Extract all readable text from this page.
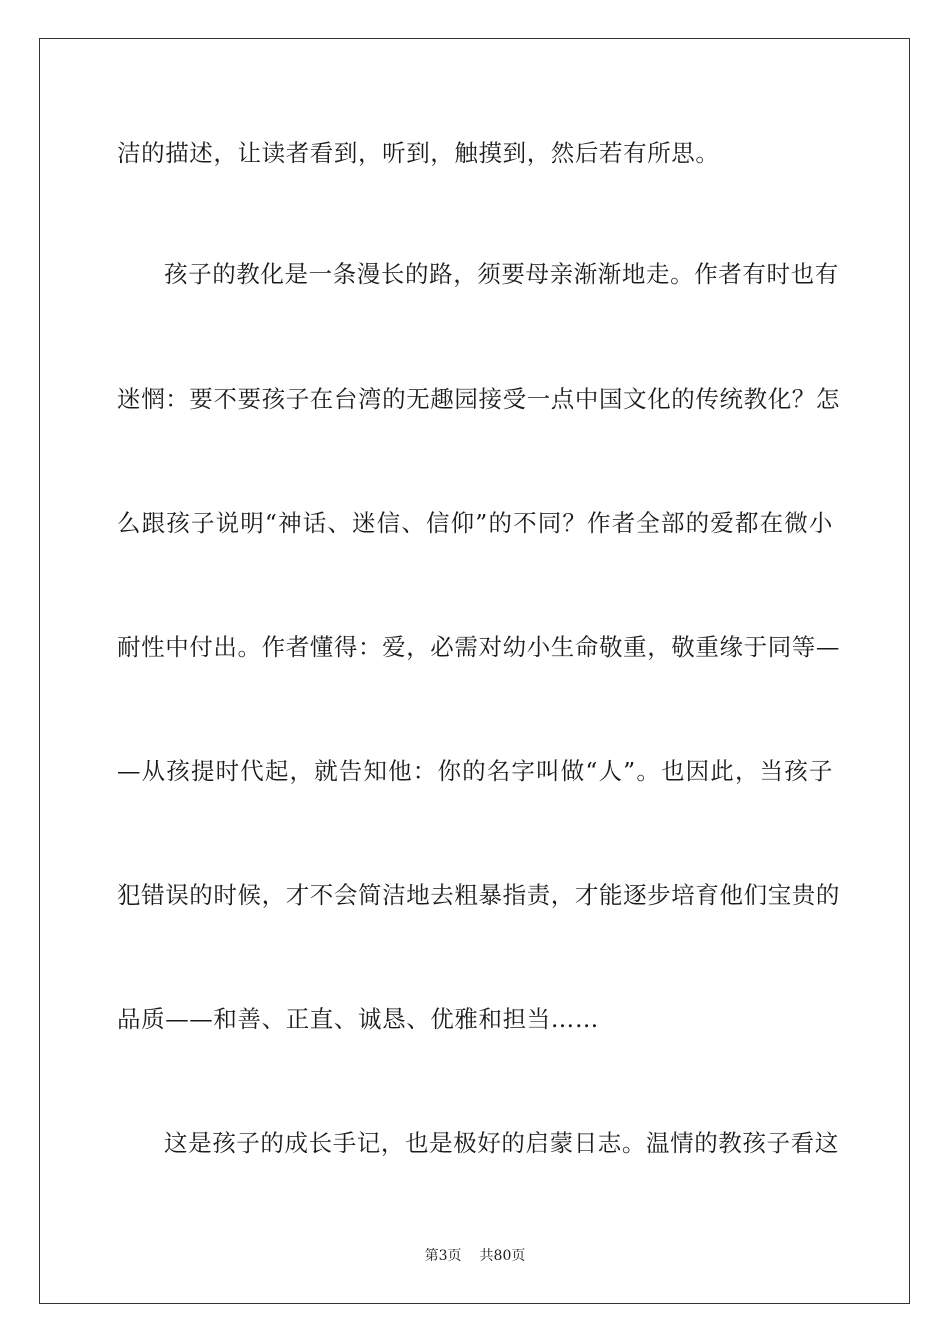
洁的描述，让读者看到，听到，触摸到，然后若有所思。
孩子的教化是一条漫长的路，须要母亲渐渐地走。作者有时也有
迷惘：要不要孩子在台湾的无趣园接受一点中国文化的传统教化？怎
么跟孩子说明“神话、迷信、信仰”的不同？作者全部的爱都在微小
耐性中付出。作者懂得：爱，必需对幼小生命敬重，敬重缘于同等—
—从孩提时代起，就告知他：你的名字叫做“人”。也因此，当孩子
犯错误的时候，才不会简洁地去粗暴指责，才能逐步培育他们宝贵的
品质——和善、正直、诚恳、优雅和担当……
这是孩子的成长手记，也是极好的启蒙日志。温情的教孩子看这
第3页 共80页
